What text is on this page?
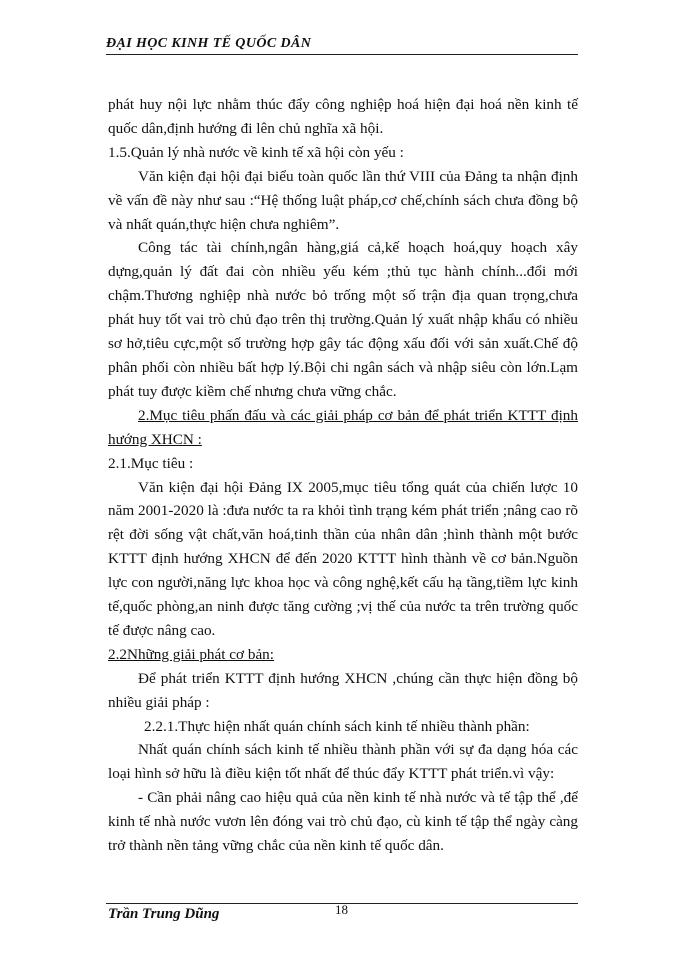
ĐẠI HỌC KINH TẾ QUỐC DÂN

phát huy nội lực nhằm thúc đẩy công nghiệp hoá hiện đại hoá nền kinh tế quốc dân,định hướng đi lên chủ nghĩa xã hội.

1.5.Quản lý nhà nước về kinh tế xã hội còn yếu :

Văn kiện đại hội đại biểu toàn quốc lần thứ VIII của Đảng ta nhận định về vấn đề này như sau :“Hệ thống luật pháp,cơ chế,chính sách chưa đồng bộ và nhất quán,thực hiện chưa nghiêm”.

Công tác tài chính,ngân hàng,giá cả,kế hoạch hoá,quy hoạch xây dựng,quản lý đất đai còn nhiều yếu kém ;thủ tục hành chính...đổi mới chậm.Thương nghiệp nhà nước bỏ trống một số trận địa quan trọng,chưa phát huy tốt vai trò chủ đạo trên thị trường.Quản lý xuất nhập khẩu có nhiều sơ hở,tiêu cực,một số trường hợp gây tác động xấu đối với sản xuất.Chế độ phân phối còn nhiều bất hợp lý.Bội chi ngân sách và nhập siêu còn lớn.Lạm phát tuy được kiềm chế nhưng chưa vững chắc.

2.Mục tiêu phấn đấu và các giải pháp cơ bản để phát triển KTTT định hướng XHCN :

2.1.Mục tiêu :

Văn kiện đại hội Đảng IX 2005,mục tiêu tổng quát của chiến lược 10 năm 2001-2020 là :đưa nước ta ra khỏi tình trạng kém phát triển ;nâng cao rõ rệt đời sống vật chất,văn hoá,tinh thần của nhân dân ;hình thành một bước KTTT định hướng XHCN để đến 2020 KTTT hình thành về cơ bản.Nguồn lực con người,năng lực khoa học và công nghệ,kết cấu hạ tầng,tiềm lực kinh tế,quốc phòng,an ninh được tăng cường ;vị thế của nước ta trên trường quốc tế được nâng cao.

2.2Những giải phát cơ bản:

Để phát triển KTTT định hướng XHCN ,chúng cần thực hiện đồng bộ nhiều giải pháp :

2.2.1.Thực hiện nhất quán chính sách kinh tế nhiều thành phần:

Nhất quán chính sách kinh tế nhiều thành phần với sự đa dạng hóa các loại hình sở hữu là điều kiện tốt nhất để thúc đẩy KTTT phát triển.vì vậy:

- Cần phải nâng cao hiệu quả của nền kinh tế nhà nước và tế tập thể ,để kinh tế nhà nước vươn lên đóng vai trò chủ đạo, cù kinh tế tập thể ngày càng trở thành nền tảng vững chắc của nền kinh tế quốc dân.

Trần Trung Dũng	18
